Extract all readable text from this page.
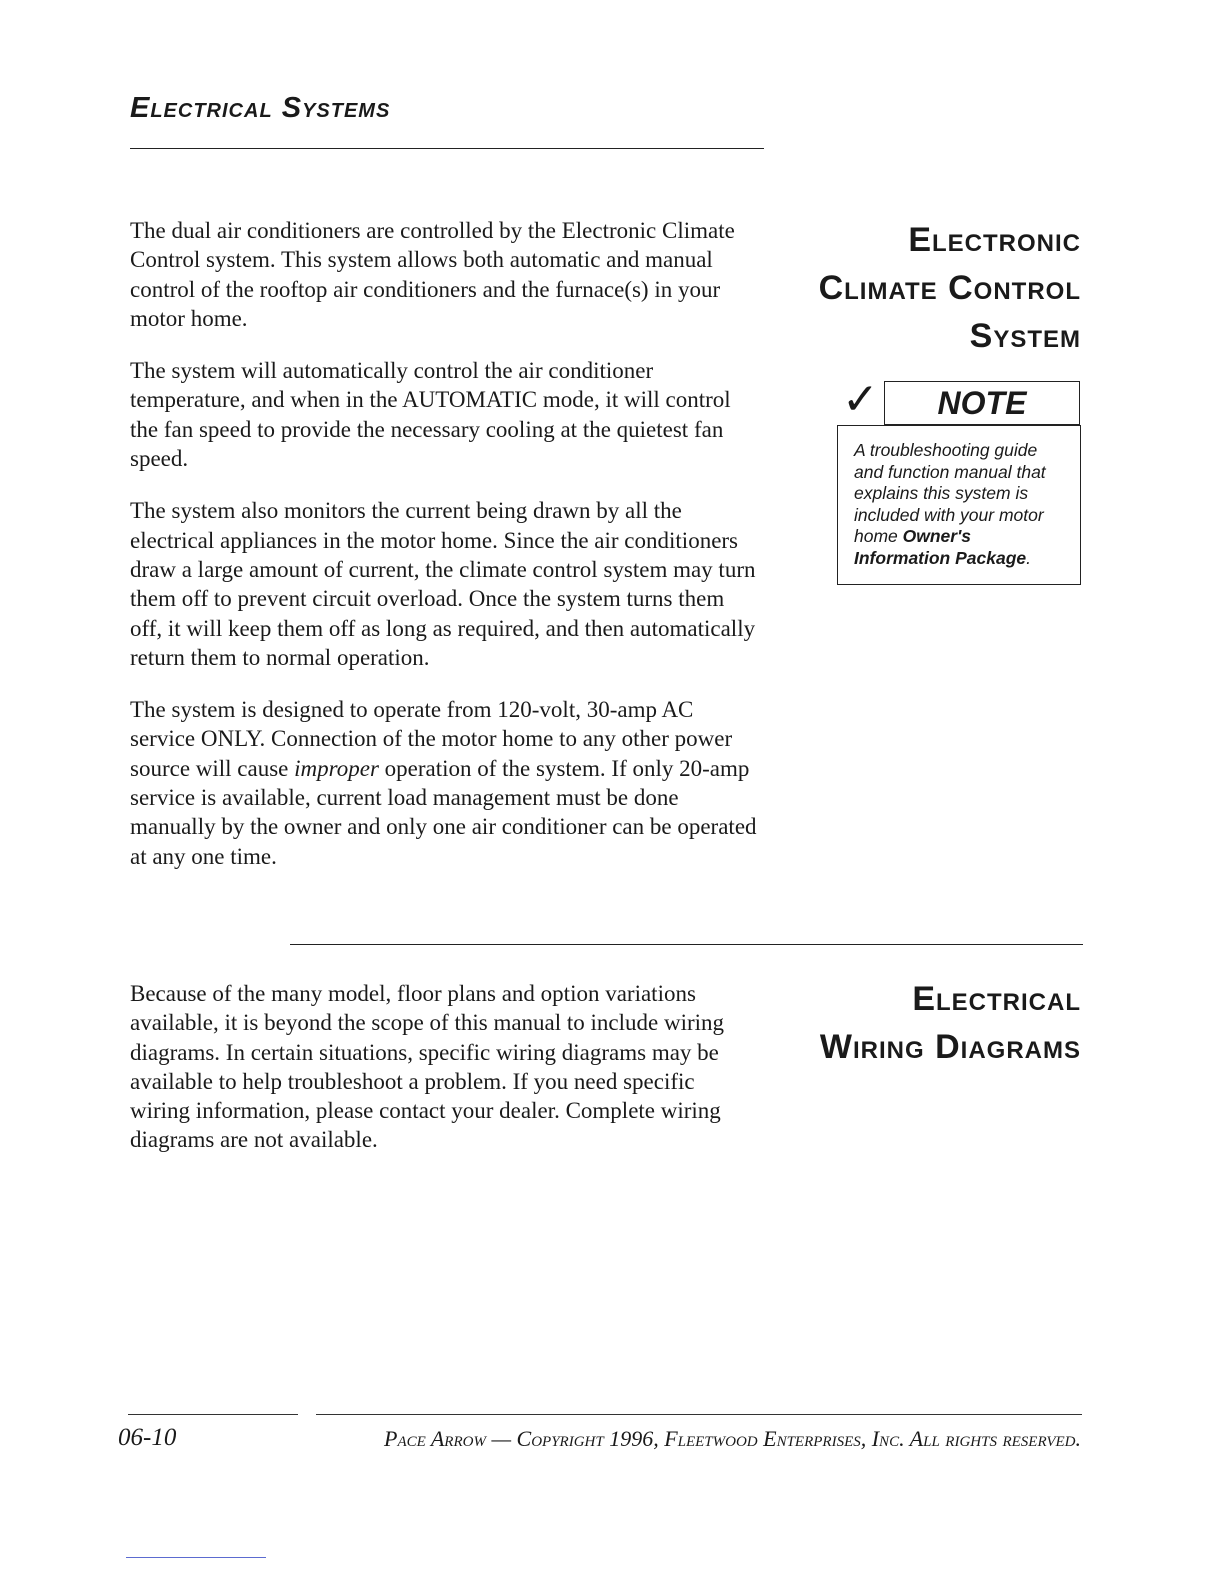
Electrical Systems

The dual air conditioners are controlled by the Electronic Climate Control system. This system allows both automatic and manual control of the rooftop air conditioners and the furnace(s) in your motor home.

The system will automatically control the air conditioner temperature, and when in the AUTOMATIC mode, it will control the fan speed to provide the necessary cooling at the quietest fan speed.

The system also monitors the current being drawn by all the electrical appliances in the motor home. Since the air conditioners draw a large amount of current, the climate control system may turn them off to prevent circuit overload. Once the system turns them off, it will keep them off as long as required, and then automatically return them to normal operation.

The system is designed to operate from 120-volt, 30-amp AC service ONLY. Connection of the motor home to any other power source will cause improper operation of the system. If only 20-amp service is available, current load management must be done manually by the owner and only one air conditioner can be operated at any one time.

Electronic
Climate Control
System
✓	NOTE
A troubleshooting guide and function manual that explains this system is included with your motor home Owner's Information Package.

Because of the many model, floor plans and option variations available, it is beyond the scope of this manual to include wiring diagrams. In certain situations, specific wiring diagrams may be available to help troubleshoot a problem. If you need specific wiring information, please contact your dealer. Complete wiring diagrams are not available.

Electrical
Wiring Diagrams
06-10	Pace Arrow — Copyright 1996, Fleetwood Enterprises, Inc. All rights reserved.
